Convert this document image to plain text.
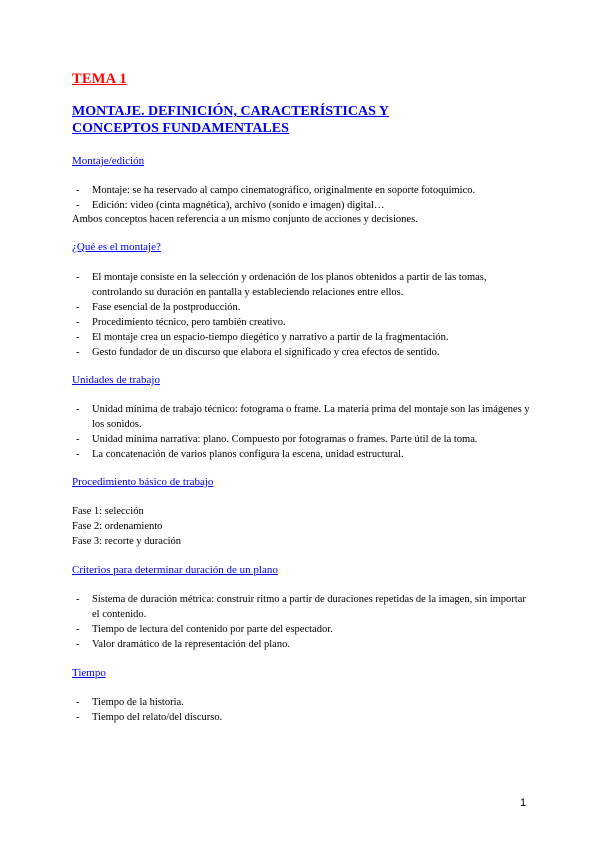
TEMA 1
MONTAJE. DEFINICIÓN, CARACTERÍSTICAS Y CONCEPTOS FUNDAMENTALES
Montaje/edición
- Montaje: se ha reservado al campo cinematográfico, originalmente en soporte fotoquímico.
- Edición: video (cinta magnética), archivo (sonido e imagen) digital…
Ambos conceptos hacen referencia a un mismo conjunto de acciones y decisiones.
¿Qué es el montaje?
- El montaje consiste en la selección y ordenación de los planos obtenidos a partir de las tomas, controlando su duración en pantalla y estableciendo relaciones entre ellos.
- Fase esencial de la postproducción.
- Procedimiento técnico, pero también creativo.
- El montaje crea un espacio-tiempo diegético y narrativo a partir de la fragmentación.
- Gesto fundador de un discurso que elabora el significado y crea efectos de sentido.
Unidades de trabajo
- Unidad mínima de trabajo técnico: fotograma o frame. La materia prima del montaje son las imágenes y los sonidos.
- Unidad mínima narrativa: plano. Compuesto por fotogramas o frames. Parte útil de la toma.
- La concatenación de varios planos configura la escena, unidad estructural.
Procedimiento básico de trabajo
Fase 1: selección
Fase 2: ordenamiento
Fase 3: recorte y duración
Criterios para determinar duración de un plano
- Sistema de duración métrica: construir ritmo a partir de duraciones repetidas de la imagen, sin importar el contenido.
- Tiempo de lectura del contenido por parte del espectador.
- Valor dramático de la representación del plano.
Tiempo
- Tiempo de la historia.
- Tiempo del relato/del discurso.
1
